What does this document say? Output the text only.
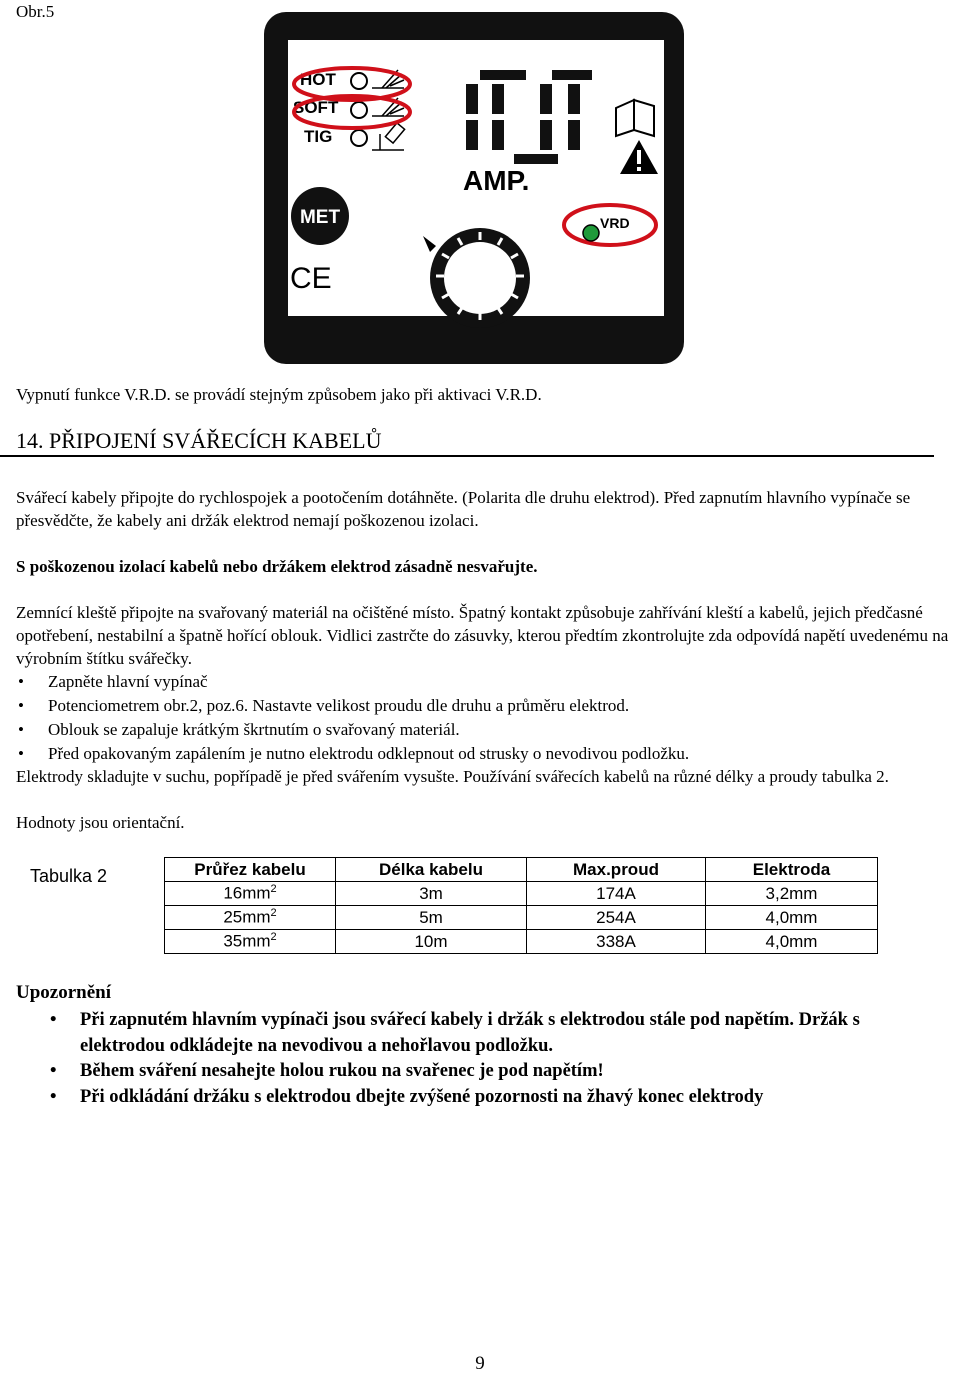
Obr.5
HOT
SOFT
TIG
AMP.
MET	VRD
CE

Vypnutí funkce V.R.D. se provádí stejným způsobem jako při aktivaci V.R.D.

14. PŘIPOJENÍ SVÁŘECÍCH KABELŮ

Svářecí kabely připojte do rychlospojek a pootočením dotáhněte. (Polarita dle druhu elektrod). Před zapnutím hlavního vypínače se přesvědčte, že kabely ani držák elektrod nemají poškozenou izolaci.

S poškozenou izolací kabelů nebo držákem elektrod zásadně nesvařujte.

Zemnící kleště připojte na svařovaný materiál na očištěné místo. Špatný kontakt způsobuje zahřívání kleští a kabelů, jejich předčasné opotřebení, nestabilní a špatně hořící oblouk. Vidlici zastrčte do zásuvky, kterou předtím zkontrolujte zda odpovídá napětí uvedenému na výrobním štítku svářečky.

• Zapněte hlavní vypínač
• Potenciometrem obr.2, poz.6. Nastavte velikost proudu dle druhu a průměru elektrod.
• Oblouk se zapaluje krátkým škrtnutím o svařovaný materiál.
• Před opakovaným zapálením je nutno elektrodu odklepnout od strusky o nevodivou podložku.

Elektrody skladujte v suchu, popřípadě je před svářením vysušte. Používání svářecích kabelů na různé délky a proudy tabulka 2.

Hodnoty jsou orientační.

Tabulka 2	Průřez kabelu	Délka kabelu	Max.proud	Elektroda
$16mm^2$	3m	174A	3,2mm
$25mm^2$	5m	254A	4,0mm
$35mm^2$	10m	338A	4,0mm
Upozornění
• Při zapnutém hlavním vypínači jsou svářecí kabely i držák s elektrodou stále pod napětím. Držák s elektrodou odkládejte na nevodivou a nehořlavou podložku.
• Během sváření nesahejte holou rukou na svařenec je pod napětím!
• Při odkládání držáku s elektrodou dbejte zvýšené pozornosti na žhavý konec elektrody
9
